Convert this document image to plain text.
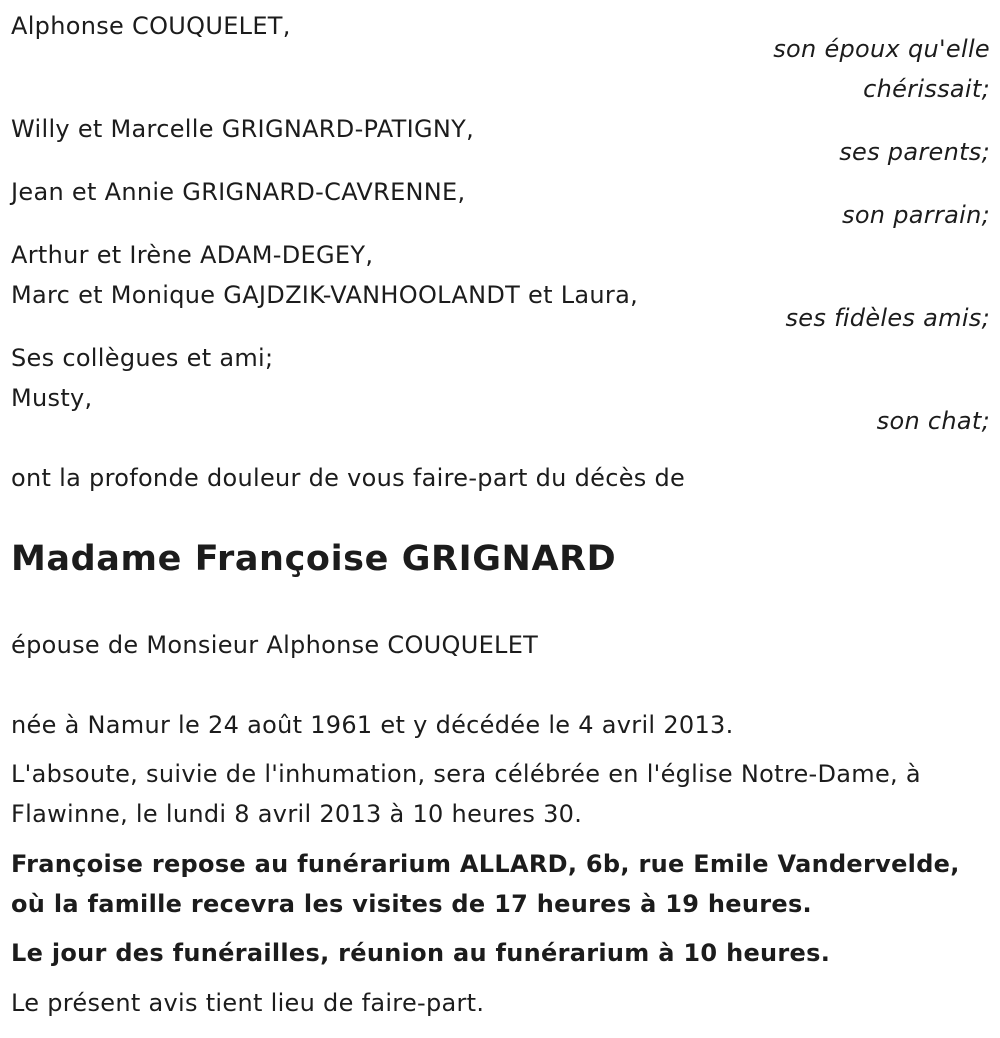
Alphonse COUQUELET,
son époux qu'elle
chérissait;
Willy et Marcelle GRIGNARD-PATIGNY,
ses parents;
Jean et Annie GRIGNARD-CAVRENNE,
son parrain;
Arthur et Irène ADAM-DEGEY,
Marc et Monique GAJDZIK-VANHOOLANDT et Laura,
ses fidèles amis;
Ses collègues et ami;
Musty,
son chat;
ont la profonde douleur de vous faire-part du décès de
Madame Françoise GRIGNARD
épouse de Monsieur Alphonse COUQUELET
née à Namur le 24 août 1961 et y décédée le 4 avril 2013.
L'absoute, suivie de l'inhumation, sera célébrée en l'église Notre-Dame, à
Flawinne, le lundi 8 avril 2013 à 10 heures 30.
Françoise repose au funérarium ALLARD, 6b, rue Emile Vandervelde,
où la famille recevra les visites de 17 heures à 19 heures.
Le jour des funérailles, réunion au funérarium à 10 heures.
Le présent avis tient lieu de faire-part.
